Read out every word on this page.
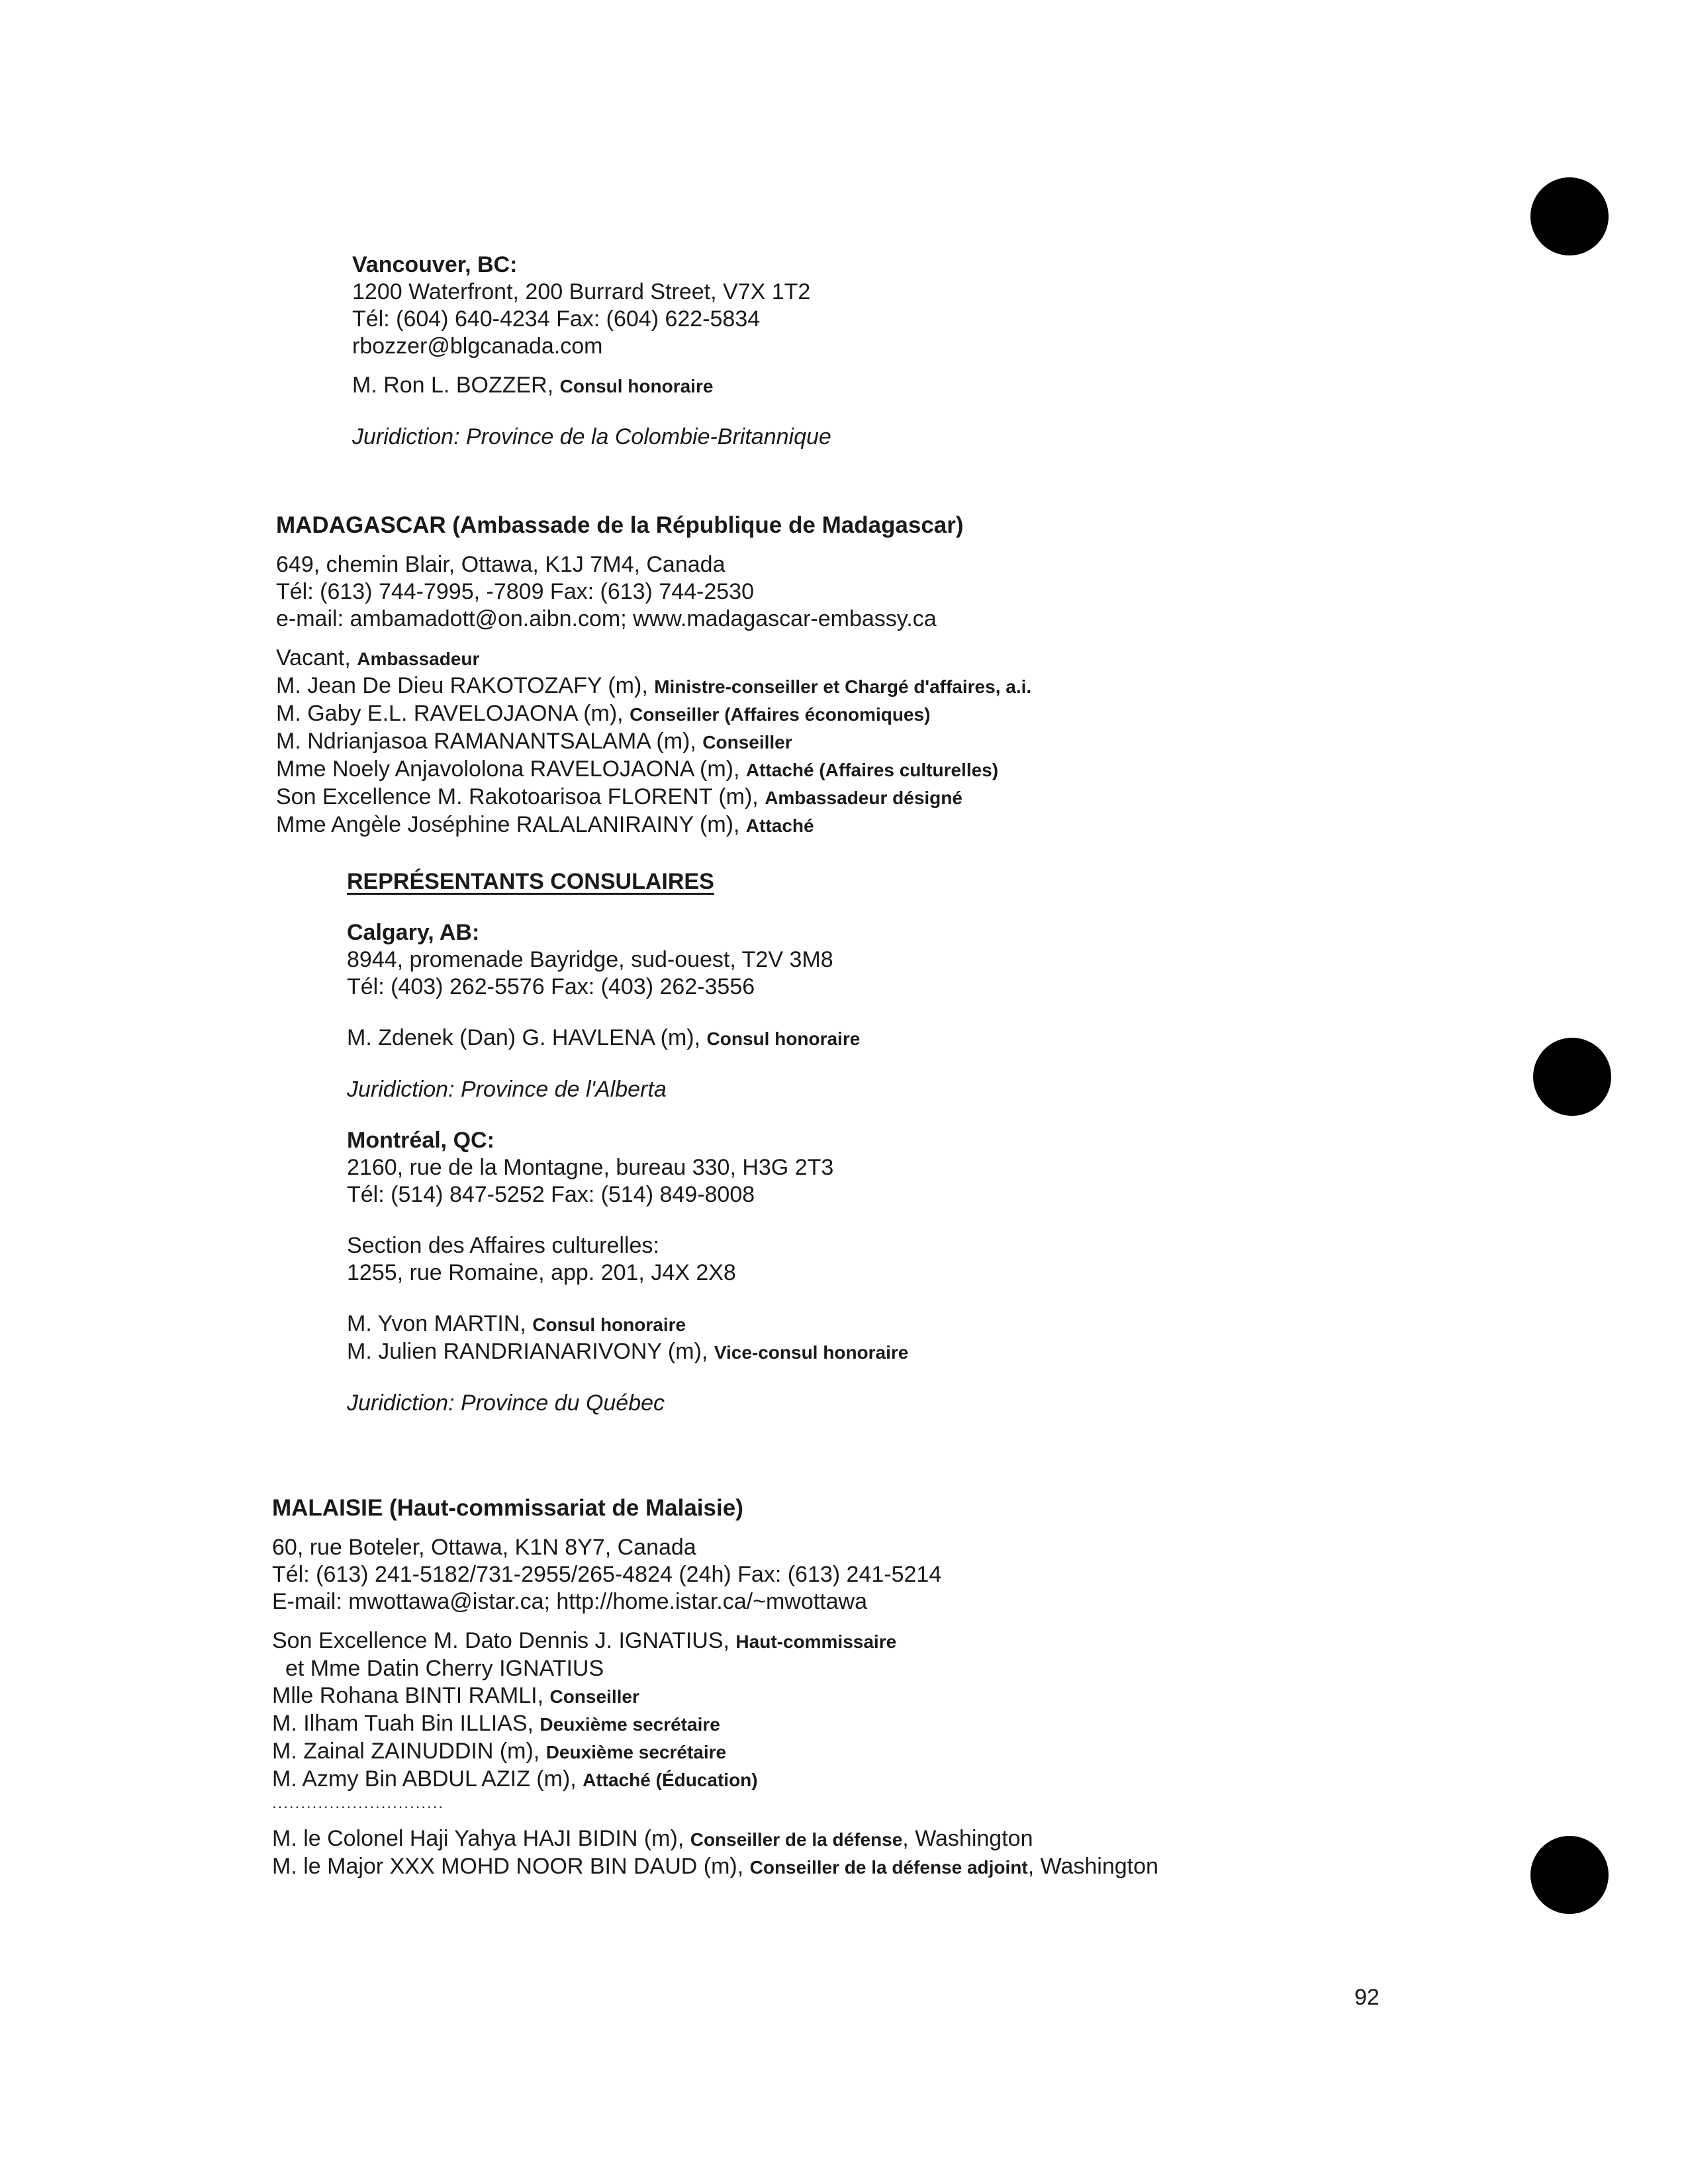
Vancouver, BC:
1200 Waterfront, 200 Burrard Street, V7X 1T2
Tél: (604) 640-4234 Fax: (604) 622-5834
rbozzer@blgcanada.com
M. Ron L. BOZZER, Consul honoraire
Juridiction: Province de la Colombie-Britannique
MADAGASCAR (Ambassade de la République de Madagascar)
649, chemin Blair, Ottawa, K1J 7M4, Canada
Tél: (613) 744-7995, -7809 Fax: (613) 744-2530
e-mail: ambamadott@on.aibn.com; www.madagascar-embassy.ca
Vacant, Ambassadeur
M. Jean De Dieu RAKOTOZAFY (m), Ministre-conseiller et Chargé d'affaires, a.i.
M. Gaby E.L. RAVELOJAONA (m), Conseiller (Affaires économiques)
M. Ndrianjasoa RAMANANTSALAMA (m), Conseiller
Mme Noely Anjavololona RAVELOJAONA (m), Attaché (Affaires culturelles)
Son Excellence M. Rakotoarisoa FLORENT (m), Ambassadeur désigné
Mme Angèle Joséphine RALALANIRAINY (m), Attaché
REPRÉSENTANTS CONSULAIRES
Calgary, AB:
8944, promenade Bayridge, sud-ouest, T2V 3M8
Tél: (403) 262-5576 Fax: (403) 262-3556
M. Zdenek (Dan) G. HAVLENA (m), Consul honoraire
Juridiction: Province de l'Alberta
Montréal, QC:
2160, rue de la Montagne, bureau 330, H3G 2T3
Tél: (514) 847-5252 Fax: (514) 849-8008
Section des Affaires culturelles:
1255, rue Romaine, app. 201, J4X 2X8
M. Yvon MARTIN, Consul honoraire
M. Julien RANDRIANARIVONY (m), Vice-consul honoraire
Juridiction: Province du Québec
MALAISIE (Haut-commissariat de Malaisie)
60, rue Boteler, Ottawa, K1N 8Y7, Canada
Tél: (613) 241-5182/731-2955/265-4824 (24h) Fax: (613) 241-5214
E-mail: mwottawa@istar.ca; http://home.istar.ca/~mwottawa
Son Excellence M. Dato Dennis J. IGNATIUS, Haut-commissaire
et Mme Datin Cherry IGNATIUS
Mlle Rohana BINTI RAMLI, Conseiller
M. Ilham Tuah Bin ILLIAS, Deuxième secrétaire
M. Zainal ZAINUDDIN (m), Deuxième secrétaire
M. Azmy Bin ABDUL AZIZ (m), Attaché (Éducation)
..............................
M. le Colonel Haji Yahya HAJI BIDIN (m), Conseiller de la défense, Washington
M. le Major XXX MOHD NOOR BIN DAUD (m), Conseiller de la défense adjoint, Washington
92
